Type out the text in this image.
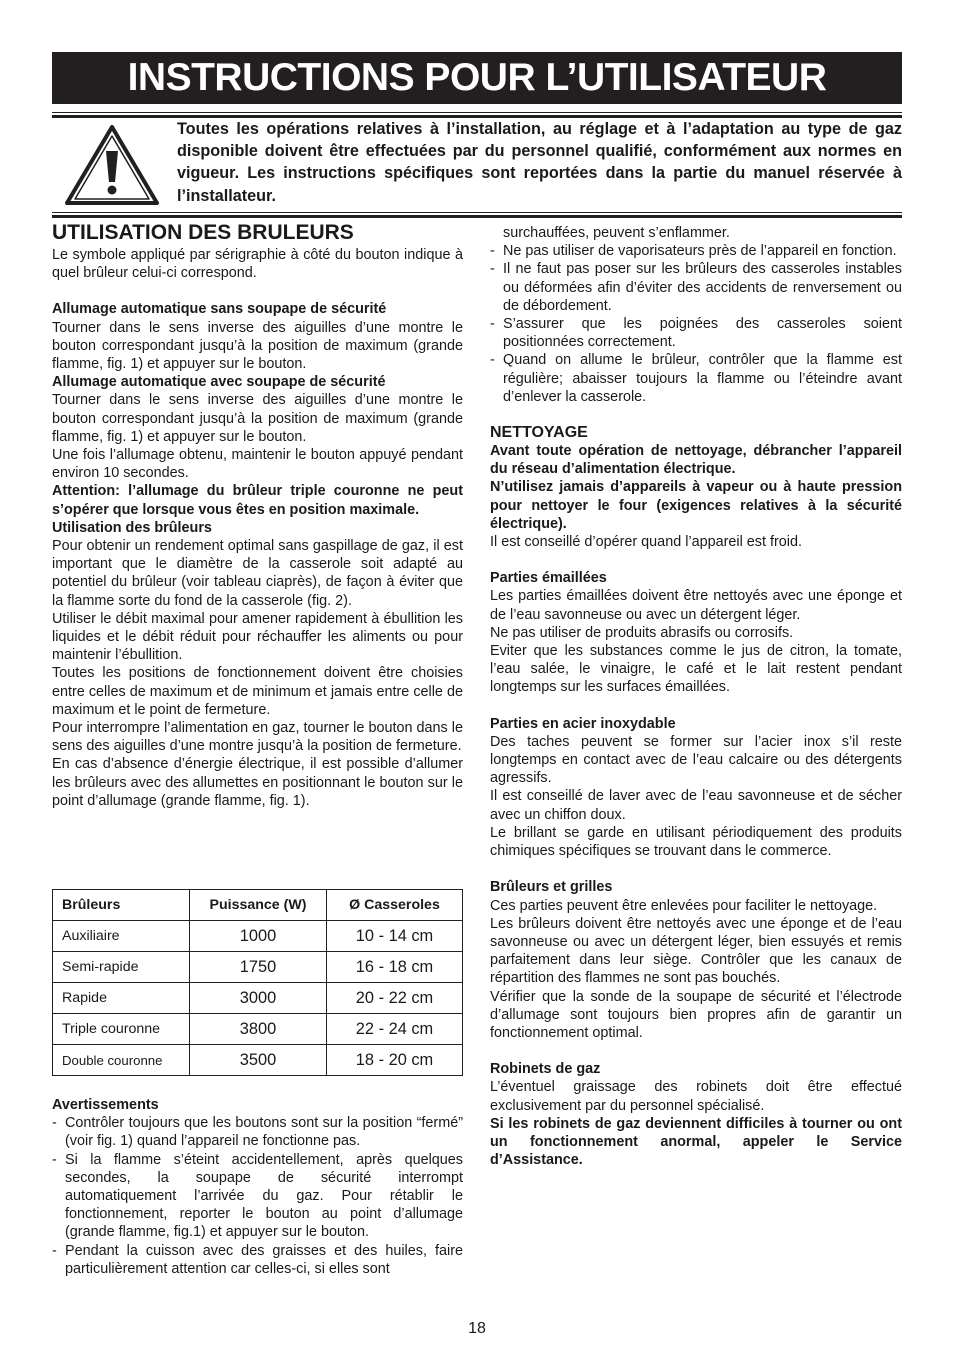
INSTRUCTIONS POUR L’UTILISATEUR

Toutes les opérations relatives à l’installation, au réglage et à l’adaptation au type de gaz disponible doivent être effectuées par du personnel qualifié, conformément aux normes en vigueur. Les instructions spécifiques sont reportées dans la partie du manuel réservée à l’installateur.

UTILISATION DES BRULEURS

Le symbole appliqué par sérigraphie à côté du bouton indique à quel brûleur celui-ci correspond.

Allumage automatique sans soupape de sécurité

Tourner dans le sens inverse des aiguilles d’une montre le bouton correspondant jusqu’à la position de maximum (grande flamme, fig. 1) et appuyer sur le bouton.

Allumage automatique avec soupape de sécurité

Tourner dans le sens inverse des aiguilles d’une montre le bouton correspondant jusqu’à la position de maximum (grande flamme, fig. 1) et appuyer sur le bouton.

Une fois l’allumage obtenu, maintenir le bouton appuyé pendant environ 10 secondes.

Attention: l’allumage du brûleur triple couronne ne peut s’opérer que lorsque vous êtes en position maximale.

Utilisation des brûleurs

Pour obtenir un rendement optimal sans gaspillage de gaz, il est important que le diamètre de la casserole soit adapté au potentiel du brûleur (voir tableau ciaprès), de façon à éviter que la flamme sorte du fond de la casserole (fig. 2).

Utiliser le débit maximal pour amener rapidement à ébullition les liquides et le débit réduit pour réchauffer les aliments ou pour maintenir l’ébullition.

Toutes les positions de fonctionnement doivent être choisies entre celles de maximum et de minimum et jamais entre celle de maximum et le point de fermeture.

Pour interrompre l’alimentation en gaz, tourner le bouton dans le sens des aiguilles d’une montre jusqu’à la position de fermeture.

En cas d’absence d’énergie électrique, il est possible d’allumer les brûleurs avec des allumettes en positionnant le bouton sur le point d’allumage (grande flamme, fig. 1).

Brûleurs	Puissance (W)	Ø Casseroles
Auxiliaire	1000	10 - 14 cm
Semi-rapide	1750	16 - 18 cm
Rapide	3000	20 - 22 cm
Triple couronne	3800	22 - 24 cm
Double couronne	3500	18 - 20 cm

Avertissements

- Contrôler toujours que les boutons sont sur la position “fermé” (voir fig. 1) quand l’appareil ne fonctionne pas.
- Si la flamme s’éteint accidentellement, après quelques secondes, la soupape de sécurité interrompt automatiquement l’arrivée du gaz. Pour rétablir le fonctionnement, reporter le bouton au point d’allumage (grande flamme, fig.1) et appuyer sur le bouton.
- Pendant la cuisson avec des graisses et des huiles, faire particulièrement attention car celles-ci, si elles sont

surchauffées, peuvent s’enflammer.

- Ne pas utiliser de vaporisateurs près de l’appareil en fonction.
- Il ne faut pas poser sur les brûleurs des casseroles instables ou déformées afin d’éviter des accidents de renversement ou de débordement.
- S’assurer que les poignées des casseroles soient positionnées correctement.
- Quand on allume le brûleur, contrôler que la flamme est régulière; abaisser toujours la flamme ou l’éteindre avant d’enlever la casserole.
NETTOYAGE

Avant toute opération de nettoyage, débrancher l’appareil du réseau d’alimentation électrique.

N’utilisez jamais d’appareils à vapeur ou à haute pression pour nettoyer le four (exigences relatives à la sécurité électrique).

Il est conseillé d’opérer quand l’appareil est froid.

Parties émaillées

Les parties émaillées doivent être nettoyés avec une éponge et de l’eau savonneuse ou avec un détergent léger.

Ne pas utiliser de produits abrasifs ou corrosifs.

Eviter que les substances comme le jus de citron, la tomate, l’eau salée, le vinaigre, le café et le lait restent pendant longtemps sur les surfaces émaillées.

Parties en acier inoxydable

Des taches peuvent se former sur l’acier inox s’il reste longtemps en contact avec de l’eau calcaire ou des détergents agressifs.

Il est conseillé de laver avec de l’eau savonneuse et de sécher avec un chiffon doux.

Le brillant se garde en utilisant périodiquement des produits chimiques spécifiques se trouvant dans le commerce.

Brûleurs et grilles

Ces parties peuvent être enlevées pour faciliter le nettoyage.

Les brûleurs doivent être nettoyés avec une éponge et de l’eau savonneuse ou avec un détergent léger, bien essuyés et remis parfaitement dans leur siège. Contrôler que les canaux de répartition des flammes ne sont pas bouchés.

Vérifier que la sonde de la soupape de sécurité et l’électrode d’allumage sont toujours bien propres afin de garantir un fonctionnement optimal.

Robinets de gaz

L’éventuel graissage des robinets doit être effectué exclusivement par du personnel spécialisé.

Si les robinets de gaz deviennent difficiles à tourner ou ont un fonctionnement anormal, appeler le Service d’Assistance.

18
